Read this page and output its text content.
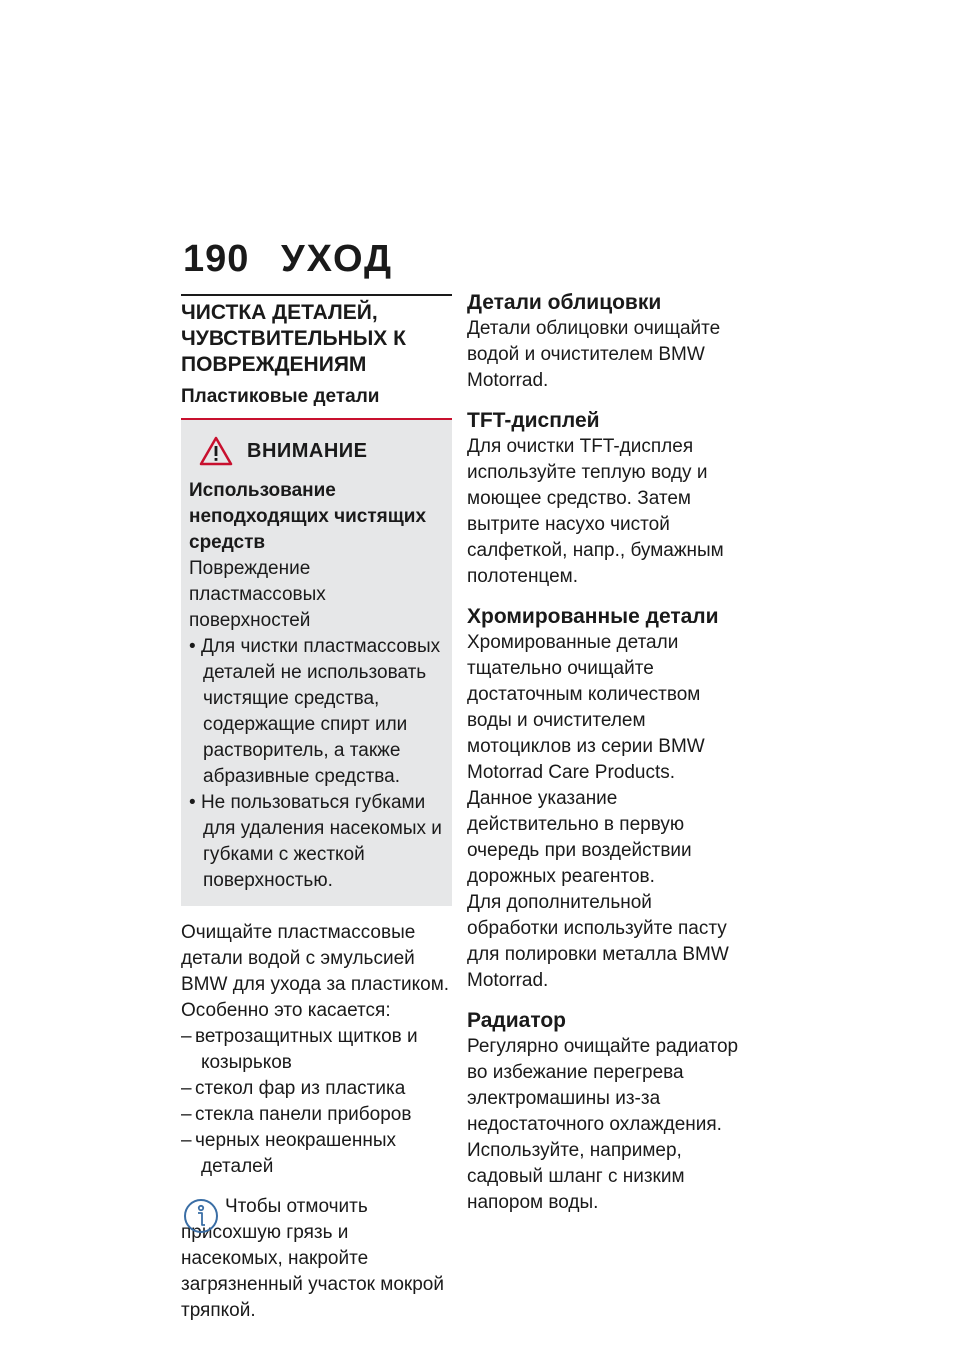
190 УХОД
ЧИСТКА ДЕТАЛЕЙ, ЧУВСТВИТЕЛЬНЫХ К ПОВРЕЖДЕНИЯМ
Пластиковые детали
ВНИМАНИЕ

Использование неподходящих чистящих средств

Повреждение пластмассовых поверхностей

• Для чистки пластмассовых деталей не использовать чистящие средства, содержащие спирт или растворитель, а также абразивные средства.
• Не пользоваться губками для удаления насекомых и губками с жесткой поверхностью.

Очищайте пластмассовые детали водой с эмульсией BMW для ухода за пластиком. Особенно это касается:

– ветрозащитных щитков и козырьков
– стекол фар из пластика
– стекла панели приборов
– черных неокрашенных деталей

Чтобы отмочить присохшую грязь и насекомых, накройте загрязненный участок мокрой тряпкой.

Детали облицовки

Детали облицовки очищайте водой и очистителем BMW Motorrad.

TFT-дисплей

Для очистки TFT-дисплея используйте теплую воду и моющее средство. Затем вытрите насухо чистой салфеткой, напр., бумажным полотенцем.

Хромированные детали

Хромированные детали тщательно очищайте достаточным количеством воды и очистителем мотоциклов из серии BMW Motorrad Care Products.

Данное указание действительно в первую очередь при воздействии дорожных реагентов.

Для дополнительной обработки используйте пасту для полировки металла BMW Motorrad.

Радиатор

Регулярно очищайте радиатор во избежание перегрева электромашины из-за недостаточного охлаждения.

Используйте, например, садовый шланг с низким напором воды.
